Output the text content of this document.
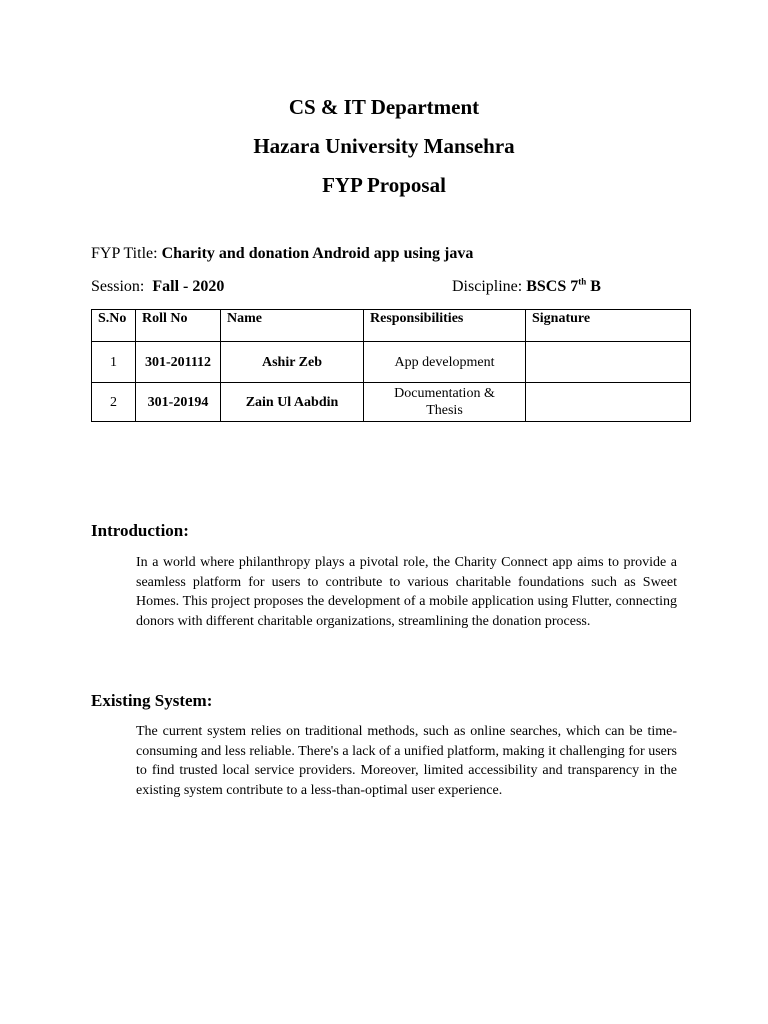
CS & IT Department
Hazara University Mansehra
FYP Proposal
FYP Title: Charity and donation Android app using java
Session: Fall - 2020	Discipline: BSCS 7th B
S.No	Roll No	Name	Responsibilities	Signature
1	301-201112	Ashir Zeb	App development	
2	301-20194	Zain Ul Aabdin	Documentation &
Thesis	
Introduction:
In a world where philanthropy plays a pivotal role, the Charity Connect app aims to provide a seamless platform for users to contribute to various charitable foundations such as Sweet Homes. This project proposes the development of a mobile application using Flutter, connecting donors with different charitable organizations, streamlining the donation process.
Existing System:
The current system relies on traditional methods, such as online searches, which can be time-consuming and less reliable. There's a lack of a unified platform, making it challenging for users to find trusted local service providers. Moreover, limited accessibility and transparency in the existing system contribute to a less-than-optimal user experience.
